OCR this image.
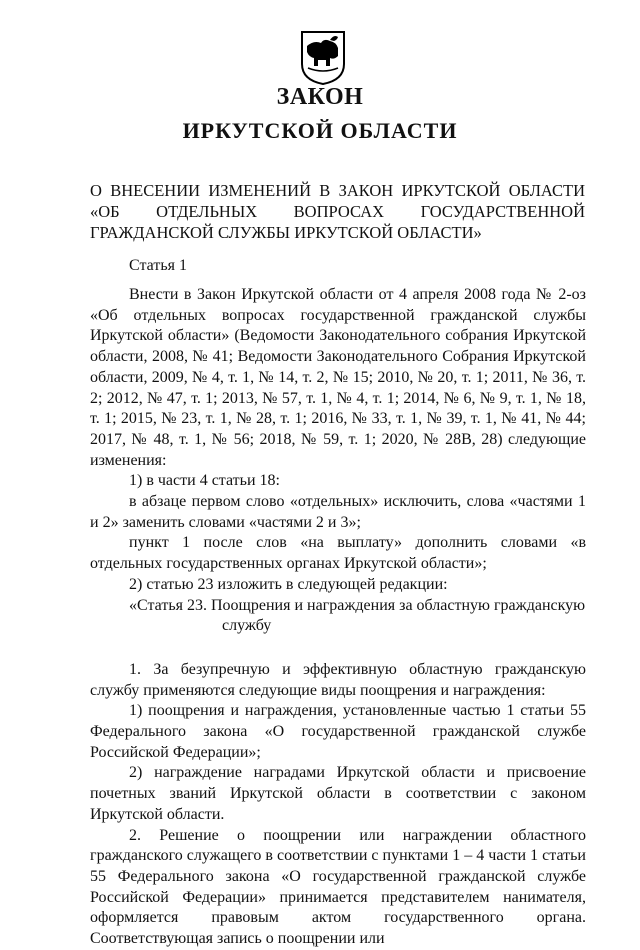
ЗАКОН
ИРКУТСКОЙ ОБЛАСТИ
О ВНЕСЕНИИ ИЗМЕНЕНИЙ В ЗАКОН ИРКУТСКОЙ ОБЛАСТИ «ОБ ОТДЕЛЬНЫХ ВОПРОСАХ ГОСУДАРСТВЕННОЙ ГРАЖДАНСКОЙ СЛУЖБЫ ИРКУТСКОЙ ОБЛАСТИ»
Статья 1

Внести в Закон Иркутской области от 4 апреля 2008 года № 2-оз «Об отдельных вопросах государственной гражданской службы Иркутской области» (Ведомости Законодательного собрания Иркутской области, 2008, № 41; Ведомости Законодательного Собрания Иркутской области, 2009, № 4, т. 1, № 14, т. 2, № 15; 2010, № 20, т. 1; 2011, № 36, т. 2; 2012, № 47, т. 1; 2013, № 57, т. 1, № 4, т. 1; 2014, № 6, № 9, т. 1, № 18, т. 1; 2015, № 23, т. 1, № 28, т. 1; 2016, № 33, т. 1, № 39, т. 1, № 41, № 44; 2017, № 48, т. 1, № 56; 2018, № 59, т. 1; 2020, № 28В, 28) следующие изменения:

1) в части 4 статьи 18:

в абзаце первом слово «отдельных» исключить, слова «частями 1 и 2» заменить словами «частями 2 и 3»;

пункт 1 после слов «на выплату» дополнить словами «в отдельных государственных органах Иркутской области»;

2) статью 23 изложить в следующей редакции:

«Статья 23. Поощрения и награждения за областную гражданскую

службу

1. За безупречную и эффективную областную гражданскую службу применяются следующие виды поощрения и награждения:

1) поощрения и награждения, установленные частью 1 статьи 55 Федерального закона «О государственной гражданской службе Российской Федерации»;

2) награждение наградами Иркутской области и присвоение почетных званий Иркутской области в соответствии с законом Иркутской области.

2. Решение о поощрении или награждении областного гражданского служащего в соответствии с пунктами 1 – 4 части 1 статьи 55 Федерального закона «О государственной гражданской службе Российской Федерации» принимается представителем нанимателя, оформляется правовым актом государственного органа. Соответствующая запись о поощрении или
